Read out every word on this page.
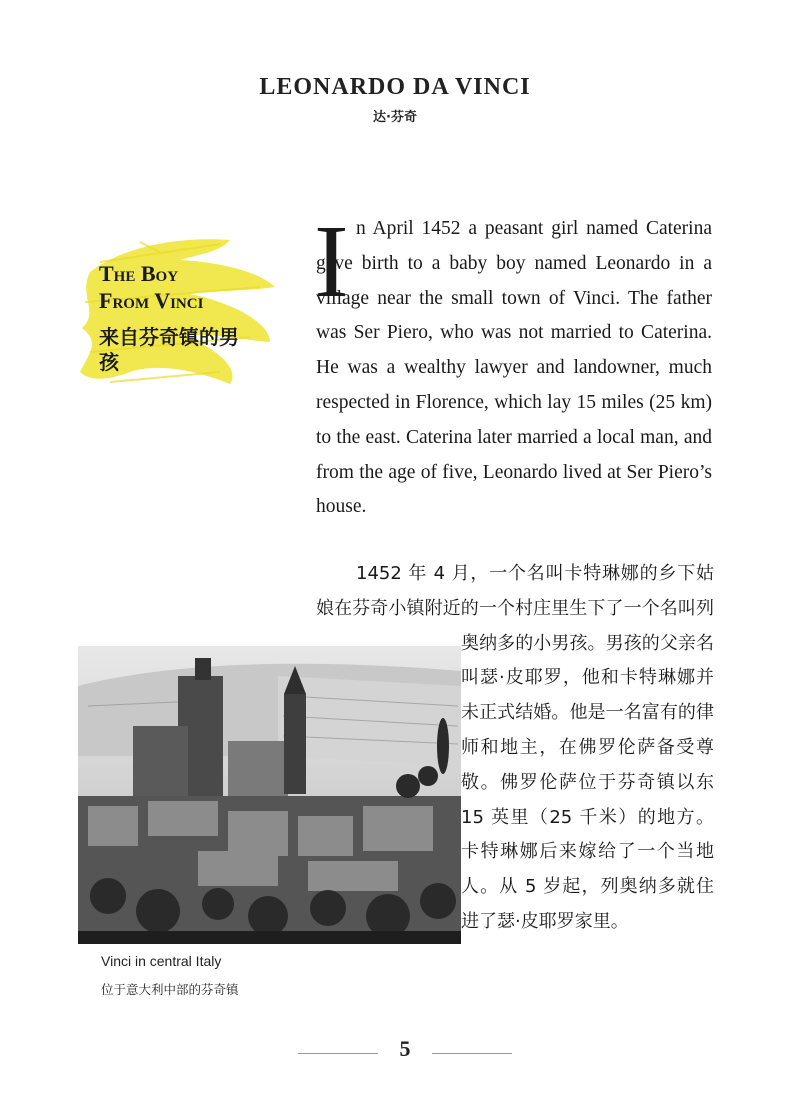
LEONARDO DA VINCI
达·芬奇
The Boy
From Vinci
来自芬奇镇的男孩
I n April 1452 a peasant girl named Caterina gave birth to a baby boy named Leonardo in a village near the small town of Vinci. The father was Ser Piero, who was not married to Caterina. He was a wealthy lawyer and landowner, much respected in Florence, which lay 15 miles (25 km) to the east. Caterina later married a local man, and from the age of five, Leonardo lived at Ser Piero’s house.

Vinci in central Italy
位于意大利中部的芬奇镇
1452 年 4 月，一个名叫卡特琳娜的乡下姑娘在芬奇小镇附近的一个村庄里生下了一个名叫列奥纳多的小男孩。男孩的父亲名叫瑟·皮耶罗，他和卡特琳娜并未正式结婚。他是一名富有的律师和地主，在佛罗伦萨备受尊敬。佛罗伦萨位于芬奇镇以东 15 英里（25 千米）的地方。卡特琳娜后来嫁给了一个当地人。从 5 岁起，列奥纳多就住进了瑟·皮耶罗家里。
5
